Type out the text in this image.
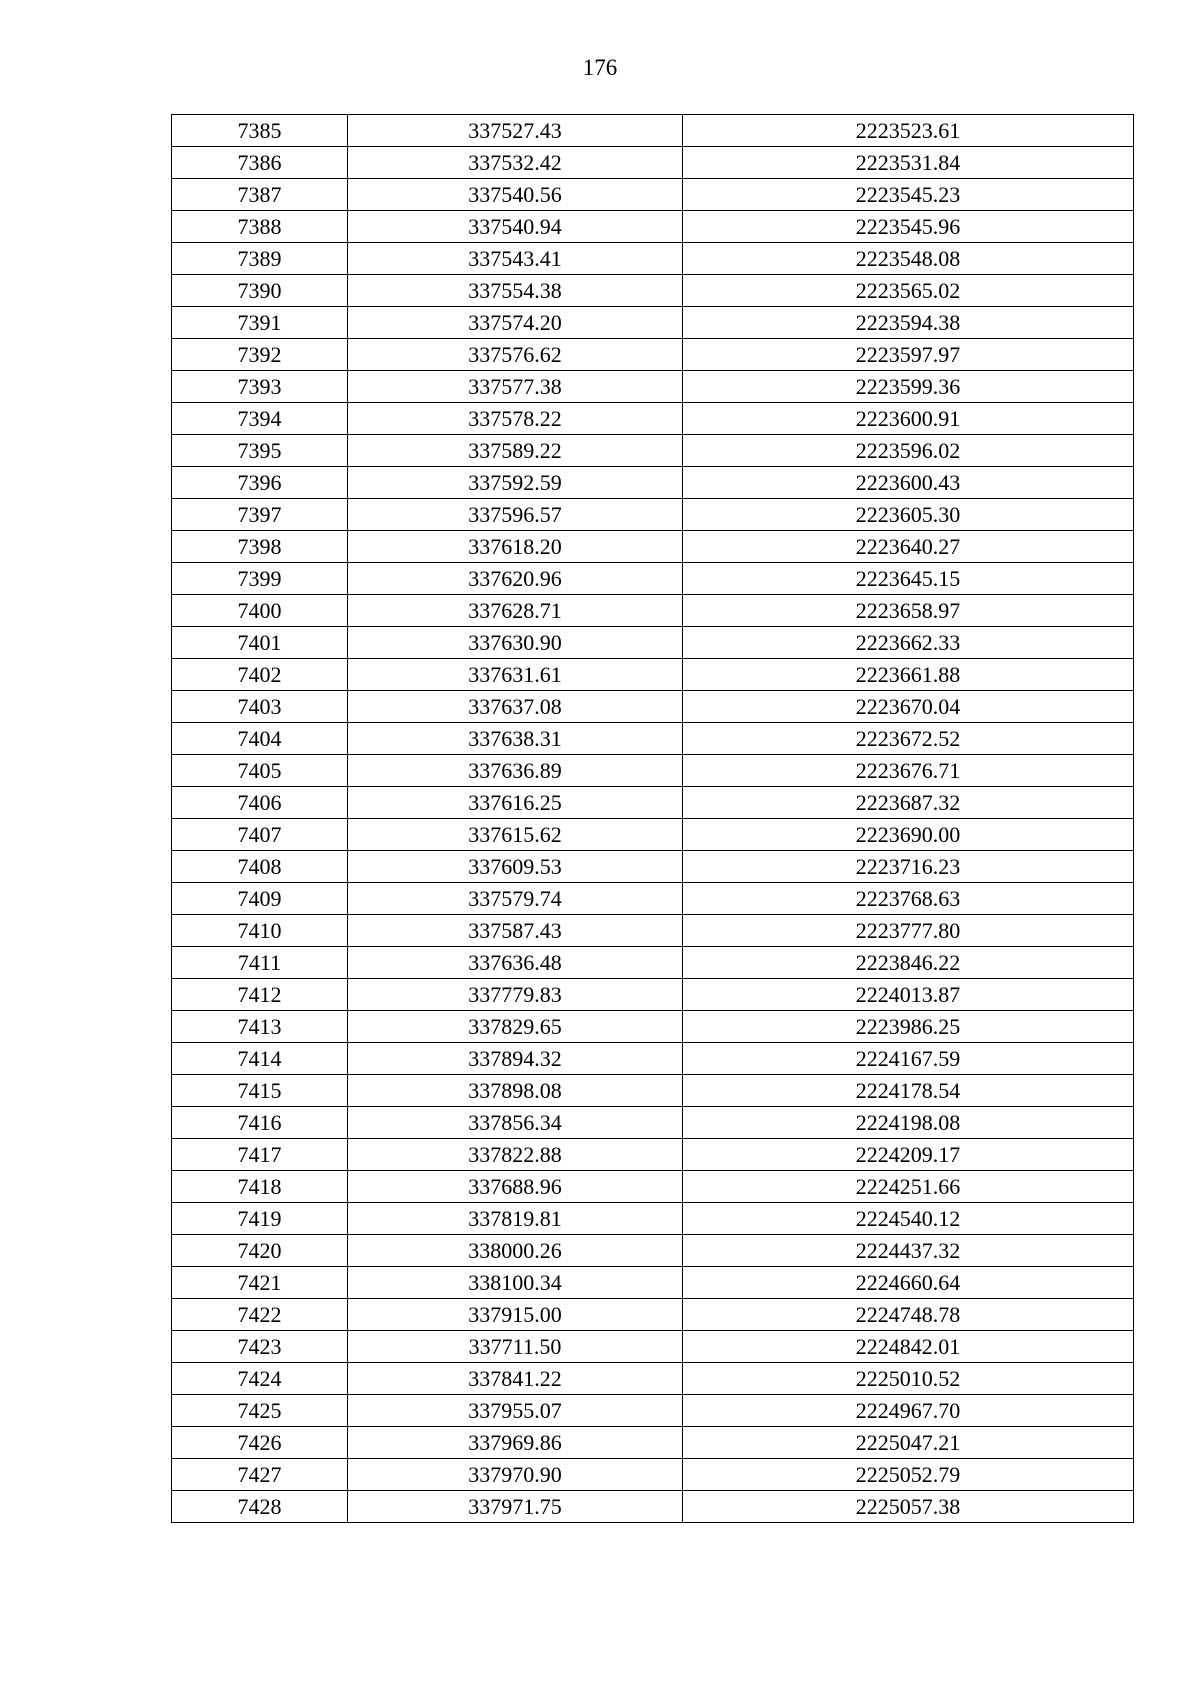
176
7385	337527.43	2223523.61
7386	337532.42	2223531.84
7387	337540.56	2223545.23
7388	337540.94	2223545.96
7389	337543.41	2223548.08
7390	337554.38	2223565.02
7391	337574.20	2223594.38
7392	337576.62	2223597.97
7393	337577.38	2223599.36
7394	337578.22	2223600.91
7395	337589.22	2223596.02
7396	337592.59	2223600.43
7397	337596.57	2223605.30
7398	337618.20	2223640.27
7399	337620.96	2223645.15
7400	337628.71	2223658.97
7401	337630.90	2223662.33
7402	337631.61	2223661.88
7403	337637.08	2223670.04
7404	337638.31	2223672.52
7405	337636.89	2223676.71
7406	337616.25	2223687.32
7407	337615.62	2223690.00
7408	337609.53	2223716.23
7409	337579.74	2223768.63
7410	337587.43	2223777.80
7411	337636.48	2223846.22
7412	337779.83	2224013.87
7413	337829.65	2223986.25
7414	337894.32	2224167.59
7415	337898.08	2224178.54
7416	337856.34	2224198.08
7417	337822.88	2224209.17
7418	337688.96	2224251.66
7419	337819.81	2224540.12
7420	338000.26	2224437.32
7421	338100.34	2224660.64
7422	337915.00	2224748.78
7423	337711.50	2224842.01
7424	337841.22	2225010.52
7425	337955.07	2224967.70
7426	337969.86	2225047.21
7427	337970.90	2225052.79
7428	337971.75	2225057.38
